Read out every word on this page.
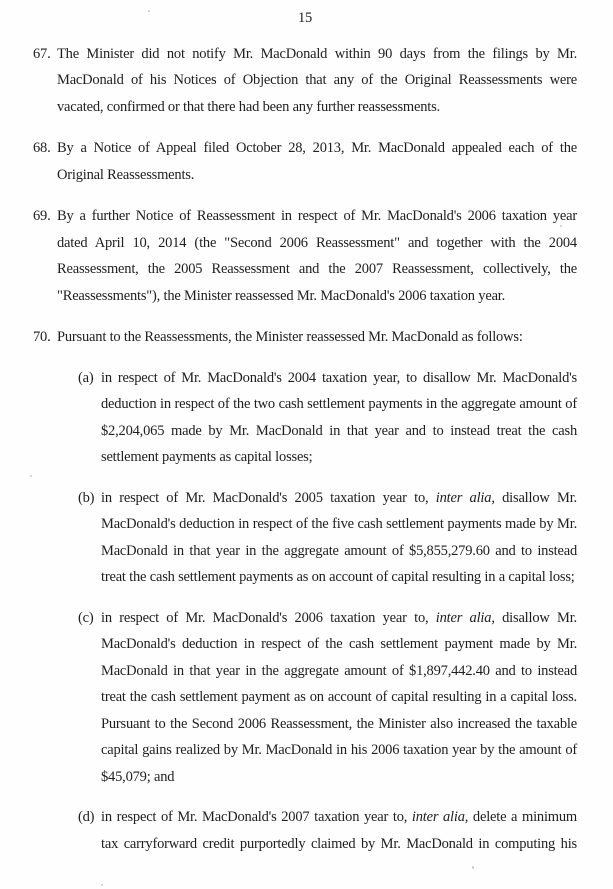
15
67. The Minister did not notify Mr. MacDonald within 90 days from the filings by Mr. MacDonald of his Notices of Objection that any of the Original Reassessments were vacated, confirmed or that there had been any further reassessments.
68. By a Notice of Appeal filed October 28, 2013, Mr. MacDonald appealed each of the Original Reassessments.
69. By a further Notice of Reassessment in respect of Mr. MacDonald's 2006 taxation year dated April 10, 2014 (the "Second 2006 Reassessment" and together with the 2004 Reassessment, the 2005 Reassessment and the 2007 Reassessment, collectively, the "Reassessments"), the Minister reassessed Mr. MacDonald's 2006 taxation year.
70. Pursuant to the Reassessments, the Minister reassessed Mr. MacDonald as follows:
(a) in respect of Mr. MacDonald's 2004 taxation year, to disallow Mr. MacDonald's deduction in respect of the two cash settlement payments in the aggregate amount of $2,204,065 made by Mr. MacDonald in that year and to instead treat the cash settlement payments as capital losses;
(b) in respect of Mr. MacDonald's 2005 taxation year to, inter alia, disallow Mr. MacDonald's deduction in respect of the five cash settlement payments made by Mr. MacDonald in that year in the aggregate amount of $5,855,279.60 and to instead treat the cash settlement payments as on account of capital resulting in a capital loss;
(c) in respect of Mr. MacDonald's 2006 taxation year to, inter alia, disallow Mr. MacDonald's deduction in respect of the cash settlement payment made by Mr. MacDonald in that year in the aggregate amount of $1,897,442.40 and to instead treat the cash settlement payment as on account of capital resulting in a capital loss. Pursuant to the Second 2006 Reassessment, the Minister also increased the taxable capital gains realized by Mr. MacDonald in his 2006 taxation year by the amount of $45,079; and
(d) in respect of Mr. MacDonald's 2007 taxation year to, inter alia, delete a minimum tax carryforward credit purportedly claimed by Mr. MacDonald in computing his
